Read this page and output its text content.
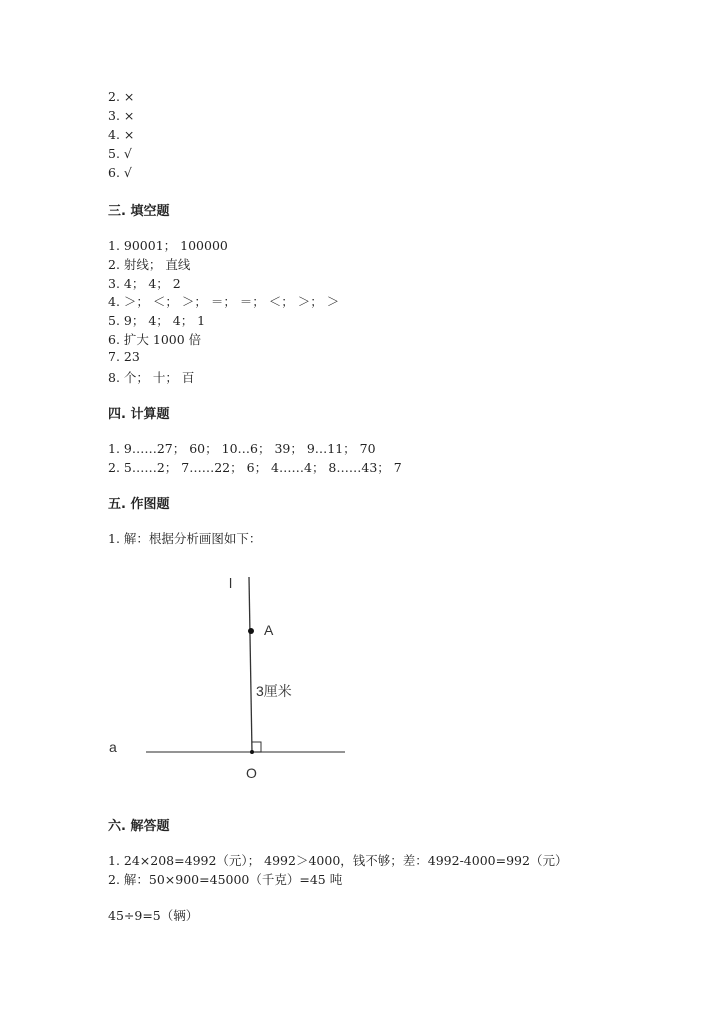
2. ×
3. ×
4. ×
5. √
6. √
三. 填空题
1. 90001； 100000
2. 射线； 直线
3. 4； 4； 2
4. ＞； ＜； ＞； ＝； ＝； ＜； ＞； ＞
5. 9； 4； 4； 1
6. 扩大 1000 倍
7. 23
8. 个； 十； 百
四. 计算题
1. 9……27； 60； 10…6； 39； 9…11； 70
2. 5……2； 7……22； 6； 4……4； 8……43； 7
五. 作图题
1. 解：根据分析画图如下：
l
A
3厘米
a
O
六. 解答题
1. 24×208=4992（元）； 4992＞4000，钱不够；差：4992-4000=992（元）
2. 解：50×900=45000（千克）=45 吨
45÷9=5（辆）
